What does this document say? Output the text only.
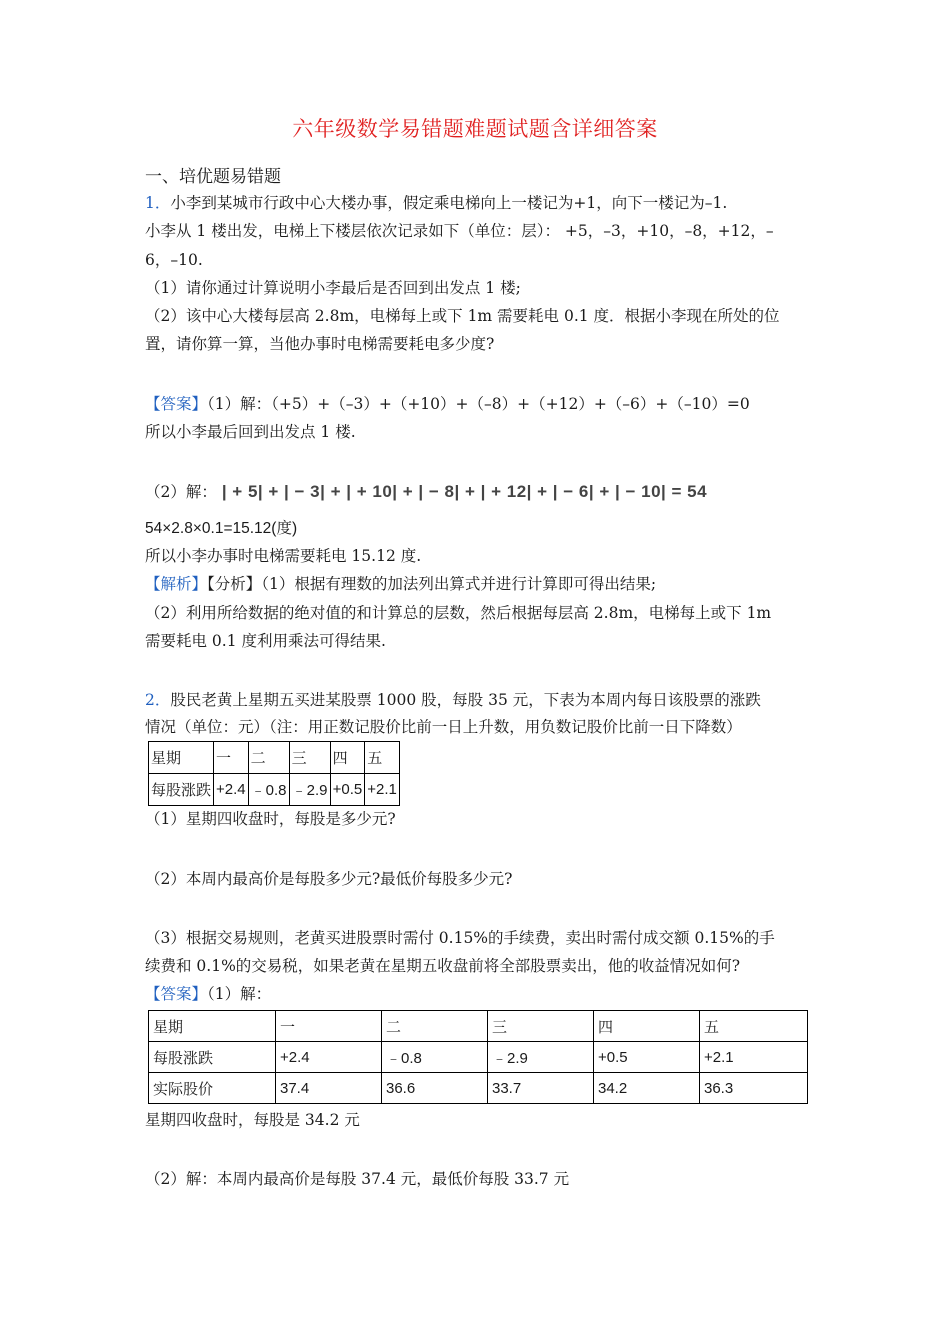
六年级数学易错题难题试题含详细答案
一、培优题易错题
1．小李到某城市行政中心大楼办事，假定乘电梯向上一楼记为+1，向下一楼记为–1.
小李从 1 楼出发，电梯上下楼层依次记录如下（单位：层）： +5，–3，+10，–8，+12，–
6，–10.
（1）请你通过计算说明小李最后是否回到出发点 1 楼;
（2）该中心大楼每层高 2.8m，电梯每上或下 1m 需要耗电 0.1 度．根据小李现在所处的位
置，请你算一算，当他办事时电梯需要耗电多少度?
【答案】（1）解：（+5）+（–3）+（+10）+（–8）+（+12）+（–6）+（–10）=0
所以小李最后回到出发点 1 楼.
（2）解： | + 5| + | − 3| + | + 10| + | − 8| + | + 12| + | − 6| + | − 10| = 54
54×2.8×0.1=15.12(度)
所以小李办事时电梯需要耗电 15.12 度.
【解析】【分析】（1）根据有理数的加法列出算式并进行计算即可得出结果;
（2）利用所给数据的绝对值的和计算总的层数，然后根据每层高 2.8m，电梯每上或下 1m
需要耗电 0.1 度利用乘法可得结果.
2．股民老黄上星期五买进某股票 1000 股，每股 35 元，下表为本周内每日该股票的涨跌
情况（单位：元）（注：用正数记股价比前一日上升数，用负数记股价比前一日下降数）
星期	一	二	三	四	五
每股涨跌	+2.4	﹣0.8	﹣2.9	+0.5	+2.1
（1）星期四收盘时，每股是多少元?
（2）本周内最高价是每股多少元?最低价每股多少元?
（3）根据交易规则，老黄买进股票时需付 0.15%的手续费，卖出时需付成交额 0.15%的手
续费和 0.1%的交易税，如果老黄在星期五收盘前将全部股票卖出，他的收益情况如何?
【答案】（1）解：
星期	一	二	三	四	五
每股涨跌	+2.4	﹣0.8	﹣2.9	+0.5	+2.1
实际股价	37.4	36.6	33.7	34.2	36.3
星期四收盘时，每股是 34.2 元
（2）解：本周内最高价是每股 37.4 元，最低价每股 33.7 元
